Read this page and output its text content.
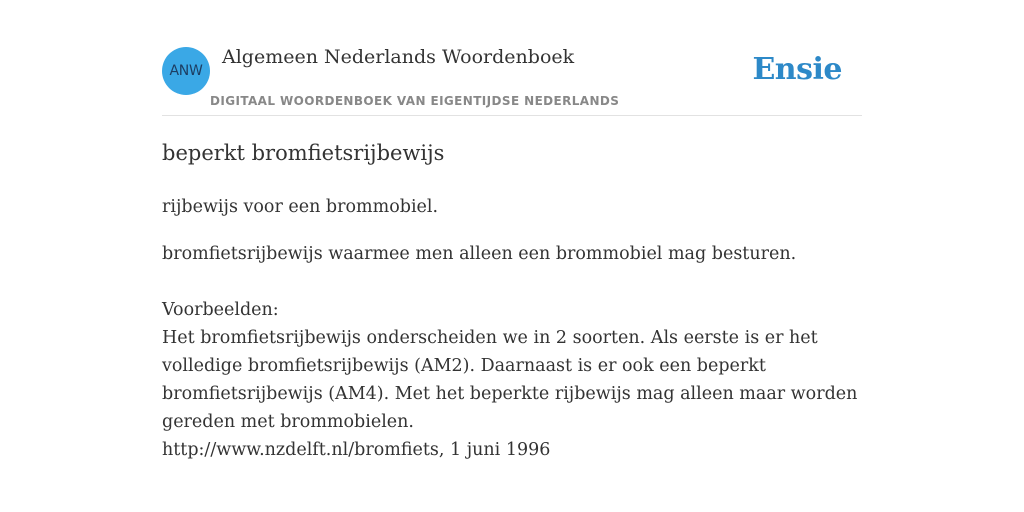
ANW
Algemeen Nederlands Woordenboek
DIGITAAL WOORDENBOEK VAN EIGENTIJDSE NEDERLANDS
Ensie
beperkt bromfietsrijbewijs
rijbewijs voor een brommobiel.
bromfietsrijbewijs waarmee men alleen een brommobiel mag besturen.
Voorbeelden:
Het bromfietsrijbewijs onderscheiden we in 2 soorten. Als eerste is er het
volledige bromfietsrijbewijs (AM2). Daarnaast is er ook een beperkt
bromfietsrijbewijs (AM4). Met het beperkte rijbewijs mag alleen maar worden
gereden met brommobielen.
http://www.nzdelft.nl/bromfiets, 1 juni 1996
